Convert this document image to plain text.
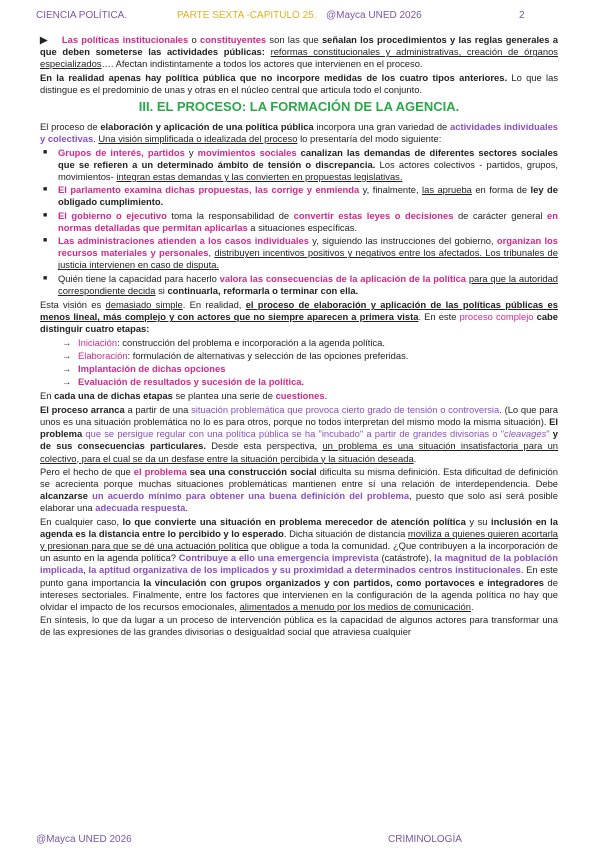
CIENCIA POLÍTICA.	PARTE SEXTA -CAPITULO 25. @Mayca UNED 2026	2

▶ Las políticas institucionales o constituyentes son las que señalan los procedimientos y las reglas generales a que deben someterse las actividades públicas: reformas constitucionales y administrativas, creación de órganos especializados…. Afectan indistintamente a todos los actores que intervienen en el proceso.

En la realidad apenas hay política pública que no incorpore medidas de los cuatro tipos anteriores. Lo que las distingue es el predominio de unas y otras en el núcleo central que articula todo el conjunto.

III. EL PROCESO: LA FORMACIÓN DE LA AGENCIA.

El proceso de elaboración y aplicación de una política pública incorpora una gran variedad de actividades individuales y colectivas. Una visión simplificada o idealizada del proceso lo presentaría del modo siguiente:

■ Grupos de interés, partidos y movimientos sociales canalizan las demandas de diferentes sectores sociales que se refieren a un determinado ámbito de tensión o discrepancia. Los actores colectivos - partidos, grupos, movimientos- integran estas demandas y las convierten en propuestas legislativas.
■ El parlamento examina dichas propuestas, las corrige y enmienda y, finalmente, las aprueba en forma de ley de obligado cumplimiento.
■ El gobierno o ejecutivo toma la responsabilidad de convertir estas leyes o decisiones de carácter general en normas detalladas que permitan aplicarlas a situaciones específicas.
■ Las administraciones atienden a los casos individuales y, siguiendo las instrucciones del gobierno, organizan los recursos materiales y personales, distribuyen incentivos positivos y negativos entre los afectados. Los tribunales de justicia intervienen en caso de disputa.
■ Quién tiene la capacidad para hacerlo valora las consecuencias de la aplicación de la política para que la autoridad correspondiente decida si continuarla, reformarla o terminar con ella.

Esta visión es demasiado simple. En realidad, el proceso de elaboración y aplicación de las políticas públicas es menos lineal, más complejo y con actores que no siempre aparecen a primera vista. En este proceso complejo cabe distinguir cuatro etapas:

→ Iniciación: construcción del problema e incorporación a la agenda política.
→ Elaboración: formulación de alternativas y selección de las opciones preferidas.
→ Implantación de dichas opciones
→ Evaluación de resultados y sucesión de la política.

En cada una de dichas etapas se plantea una serie de cuestiones.

El proceso arranca a partir de una situación problemática que provoca cierto grado de tensión o controversia. (Lo que para unos es una situación problemática no lo es para otros, porque no todos interpretan del mismo modo la misma situación). El problema que se persigue regular con una política pública se ha "incubado" a partir de grandes divisorias o "cleavages" y de sus consecuencias particulares. Desde esta perspectiva, un problema es una situación insatisfactoria para un colectivo, para el cual se da un desfase entre la situación percibida y la situación deseada.

Pero el hecho de que el problema sea una construcción social dificulta su misma definición. Esta dificultad de definición se acrecienta porque muchas situaciones problemáticas mantienen entre sí una relación de interdependencia. Debe alcanzarse un acuerdo mínimo para obtener una buena definición del problema, puesto que solo así será posible elaborar una adecuada respuesta.

En cualquier caso, lo que convierte una situación en problema merecedor de atención política y su inclusión en la agenda es la distancia entre lo percibido y lo esperado. Dicha situación de distancia moviliza a quienes quieren acortarla y presionan para que se dé una actuación política que obligue a toda la comunidad. ¿Que contribuyen a la incorporación de un asunto en la agenda política? Contribuye a ello una emergencia imprevista (catástrofe), la magnitud de la población implicada, la aptitud organizativa de los implicados y su proximidad a determinados centros institucionales. En este punto gana importancia la vinculación con grupos organizados y con partidos, como portavoces e integradores de intereses sectoriales. Finalmente, entre los factores que intervienen en la configuración de la agenda política no hay que olvidar el impacto de los recursos emocionales, alimentados a menudo por los medios de comunicación.

En síntesis, lo que da lugar a un proceso de intervención pública es la capacidad de algunos actores para transformar una de las expresiones de las grandes divisorias o desigualdad social que atraviesa cualquier

@Mayca UNED 2026	CRIMINOLOGÍA
